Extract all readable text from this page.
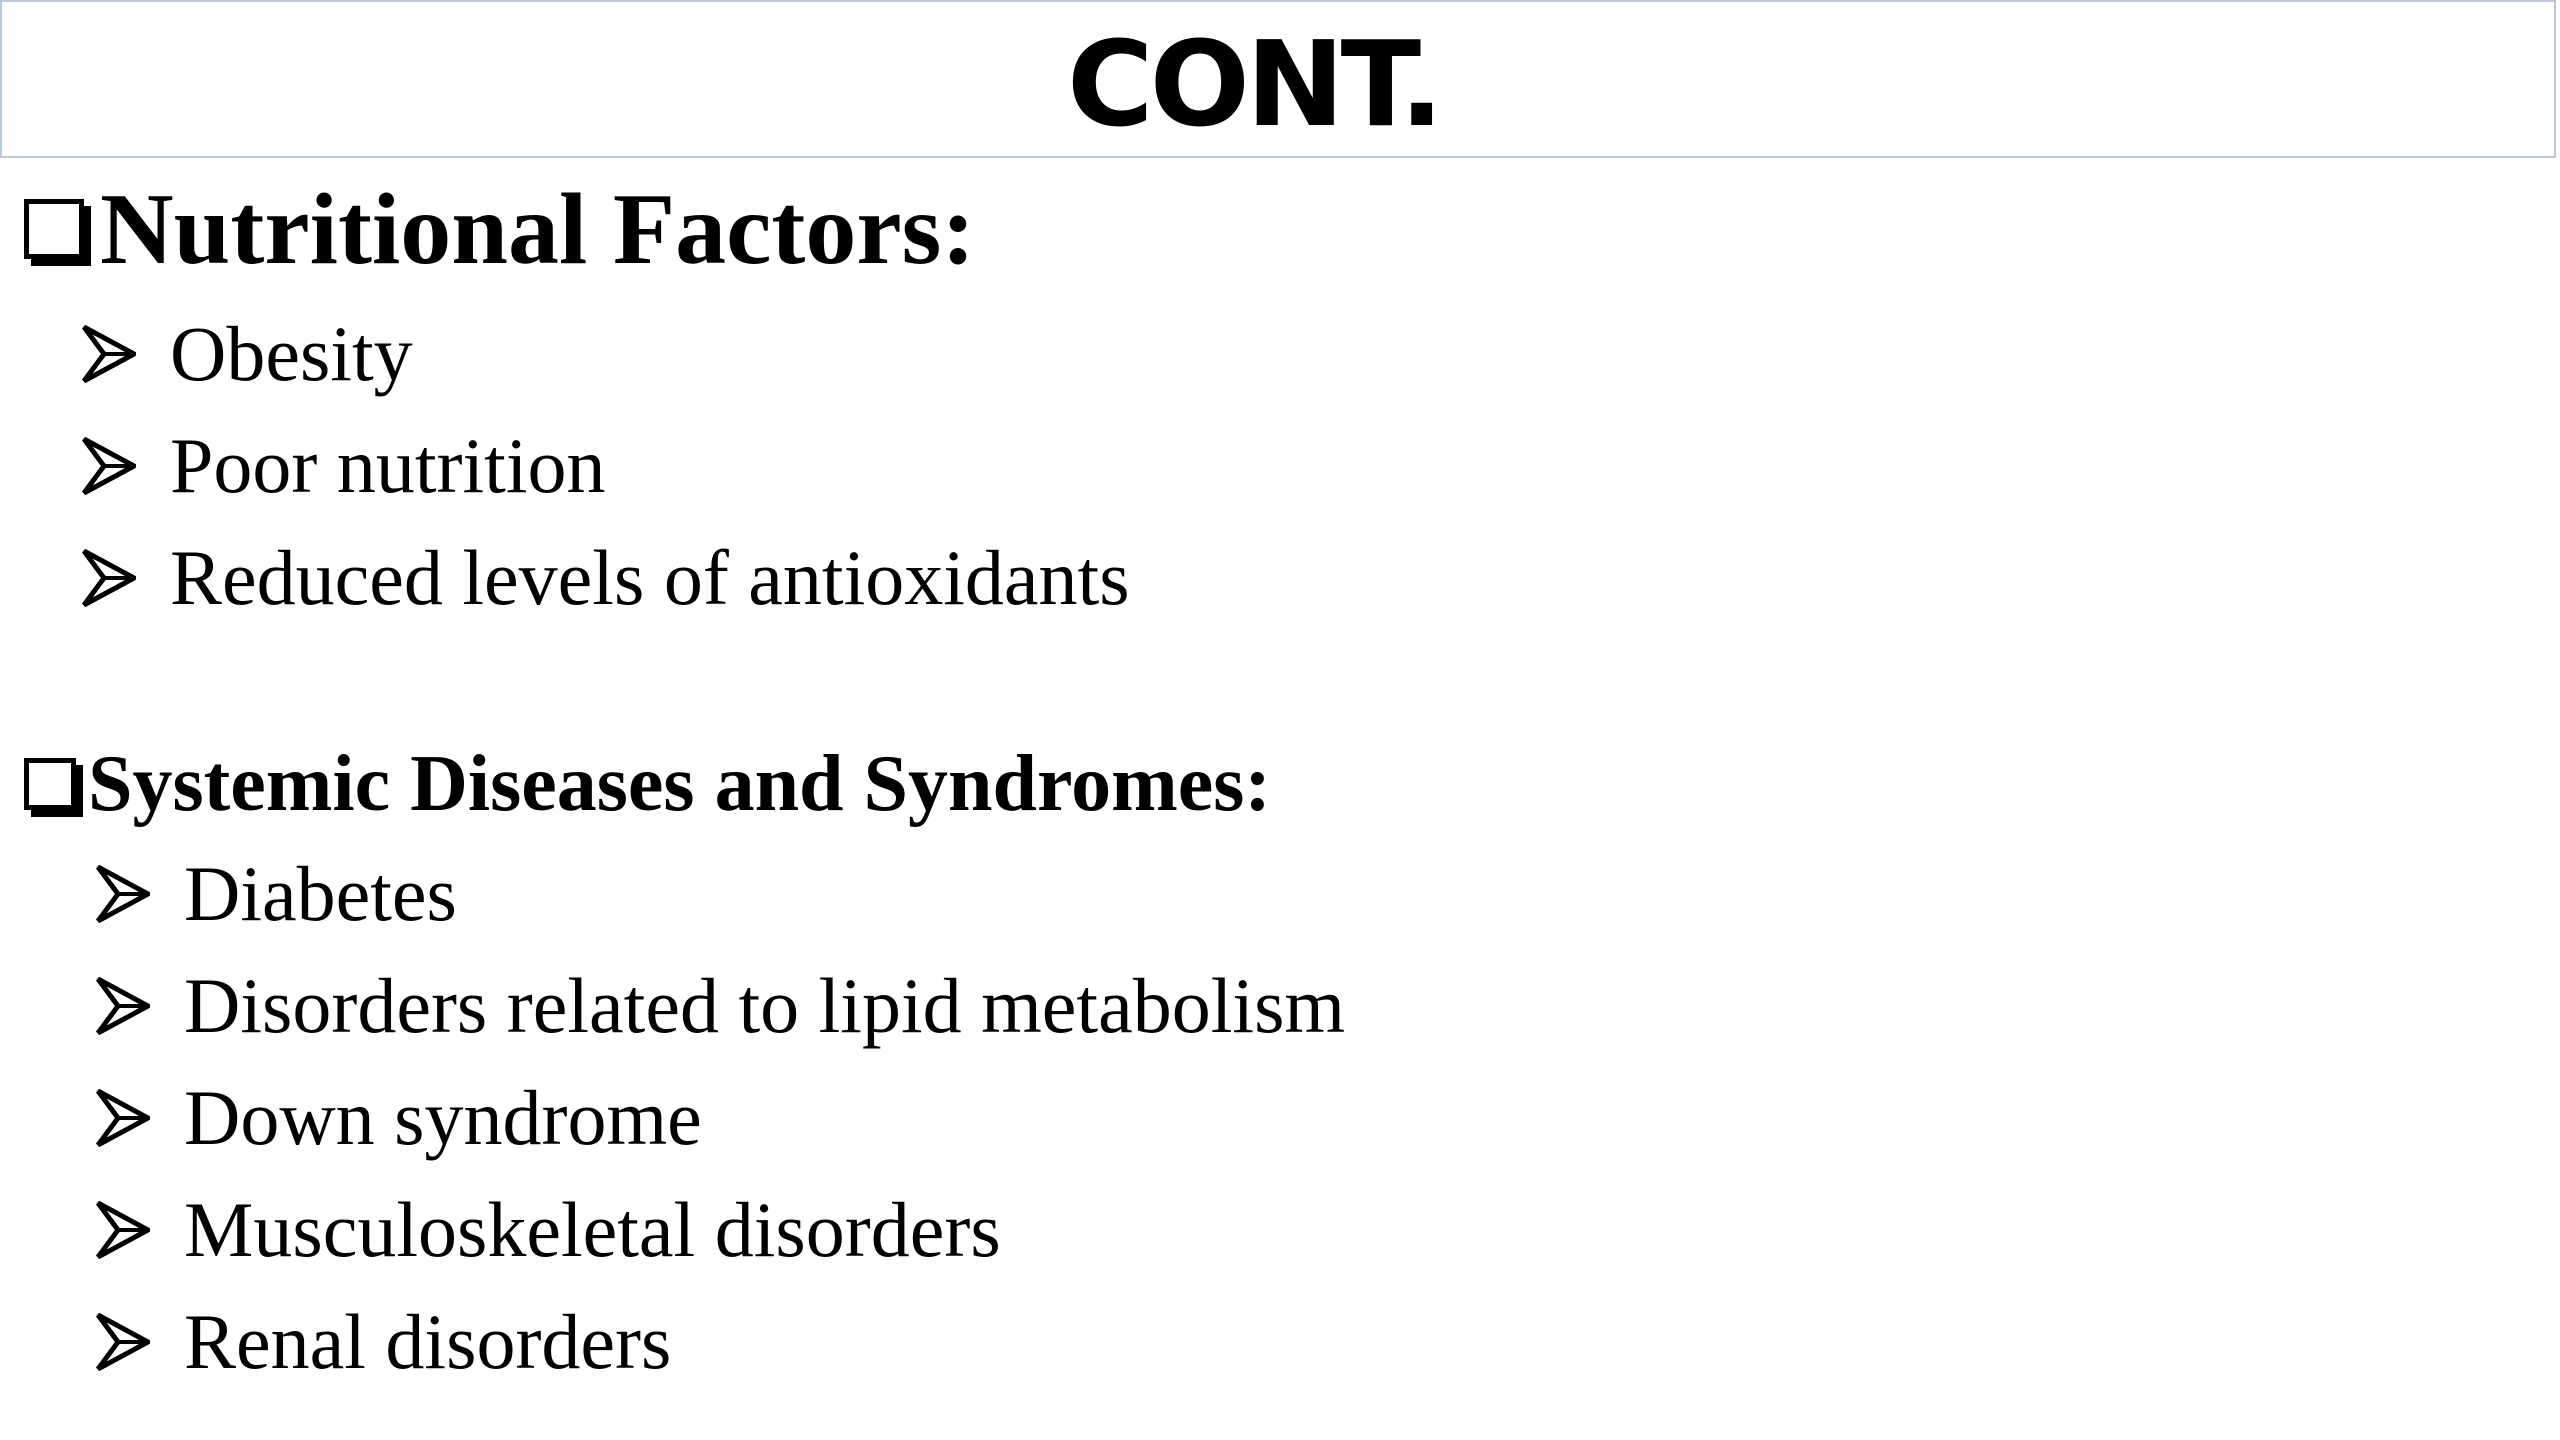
CONT.
Nutritional Factors:
Obesity
Poor nutrition
Reduced levels of antioxidants
Systemic Diseases and Syndromes:
Diabetes
Disorders related to lipid metabolism
Down syndrome
Musculoskeletal disorders
Renal disorders
